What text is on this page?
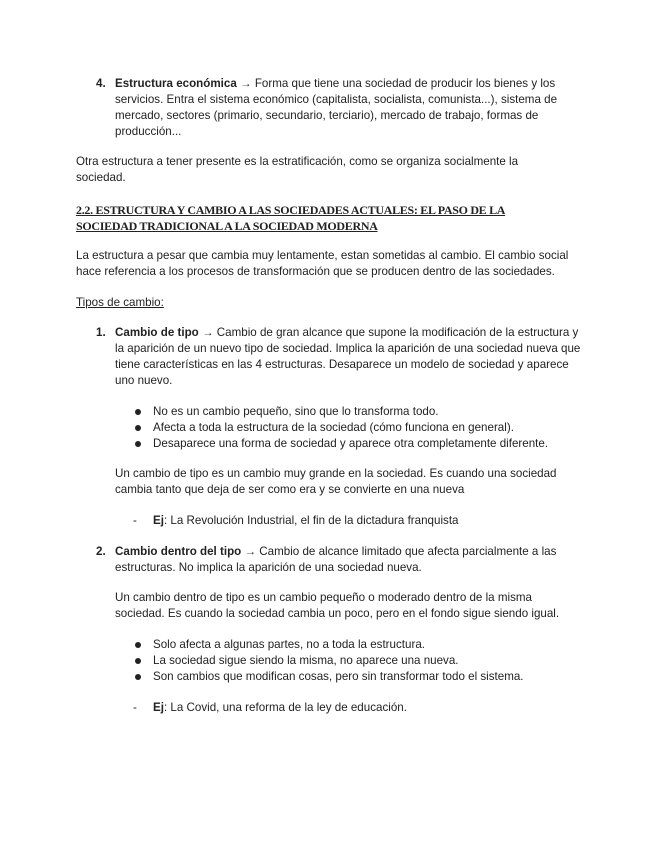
4. Estructura económica → Forma que tiene una sociedad de producir los bienes y los servicios. Entra el sistema económico (capitalista, socialista, comunista...), sistema de mercado, sectores (primario, secundario, terciario), mercado de trabajo, formas de producción...

Otra estructura a tener presente es la estratificación, como se organiza socialmente la sociedad.

2.2. ESTRUCTURA Y CAMBIO A LAS SOCIEDADES ACTUALES: EL PASO DE LA SOCIEDAD TRADICIONAL A LA SOCIEDAD MODERNA

La estructura a pesar que cambia muy lentamente, estan sometidas al cambio. El cambio social hace referencia a los procesos de transformación que se producen dentro de las sociedades.

Tipos de cambio:

1. Cambio de tipo → Cambio de gran alcance que supone la modificación de la estructura y la aparición de un nuevo tipo de sociedad. Implica la aparición de una sociedad nueva que tiene características en las 4 estructuras. Desaparece un modelo de sociedad y aparece uno nuevo.

No es un cambio pequeño, sino que lo transforma todo.
Afecta a toda la estructura de la sociedad (cómo funciona en general).
Desaparece una forma de sociedad y aparece otra completamente diferente.

Un cambio de tipo es un cambio muy grande en la sociedad. Es cuando una sociedad cambia tanto que deja de ser como era y se convierte en una nueva

- Ej: La Revolución Industrial, el fin de la dictadura franquista

2. Cambio dentro del tipo → Cambio de alcance limitado que afecta parcialmente a las estructuras. No implica la aparición de una sociedad nueva.

Un cambio dentro de tipo es un cambio pequeño o moderado dentro de la misma sociedad. Es cuando la sociedad cambia un poco, pero en el fondo sigue siendo igual.

Solo afecta a algunas partes, no a toda la estructura.
La sociedad sigue siendo la misma, no aparece una nueva.
Son cambios que modifican cosas, pero sin transformar todo el sistema.
- Ej: La Covid, una reforma de la ley de educación.
